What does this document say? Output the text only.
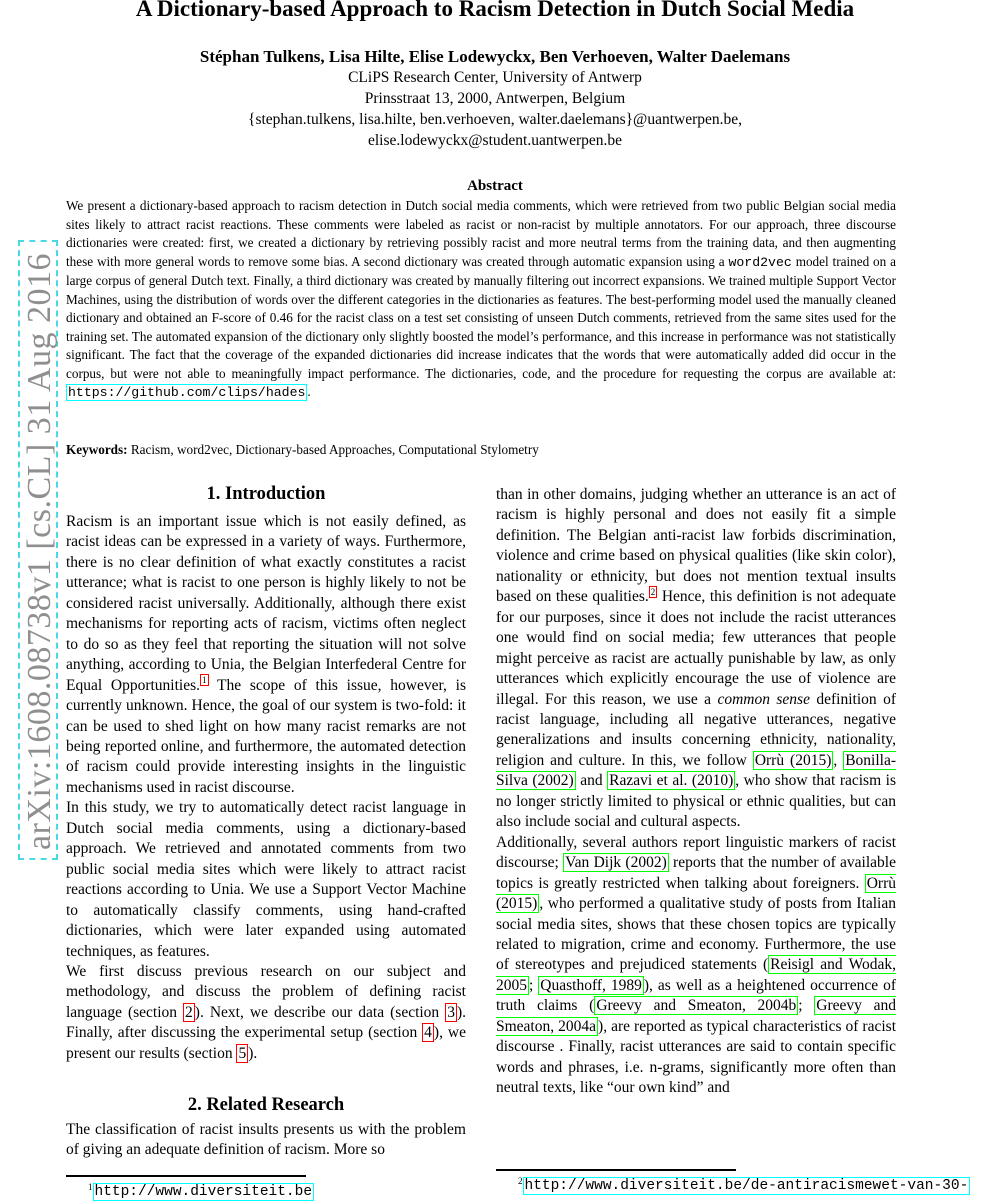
A Dictionary-based Approach to Racism Detection in Dutch Social Media
Stéphan Tulkens, Lisa Hilte, Elise Lodewyckx, Ben Verhoeven, Walter Daelemans
CLiPS Research Center, University of Antwerp
Prinsstraat 13, 2000, Antwerpen, Belgium
{stephan.tulkens, lisa.hilte, ben.verhoeven, walter.daelemans}@uantwerpen.be,
elise.lodewyckx@student.uantwerpen.be
arXiv:1608.08738v1 [cs.CL] 31 Aug 2016
Abstract
We present a dictionary-based approach to racism detection in Dutch social media comments, which were retrieved from two public Belgian social media sites likely to attract racist reactions. These comments were labeled as racist or non-racist by multiple annotators. For our approach, three discourse dictionaries were created: first, we created a dictionary by retrieving possibly racist and more neutral terms from the training data, and then augmenting these with more general words to remove some bias. A second dictionary was created through automatic expansion using a word2vec model trained on a large corpus of general Dutch text. Finally, a third dictionary was created by manually filtering out incorrect expansions. We trained multiple Support Vector Machines, using the distribution of words over the different categories in the dictionaries as features. The best-performing model used the manually cleaned dictionary and obtained an F-score of 0.46 for the racist class on a test set consisting of unseen Dutch comments, retrieved from the same sites used for the training set. The automated expansion of the dictionary only slightly boosted the model’s performance, and this increase in performance was not statistically significant. The fact that the coverage of the expanded dictionaries did increase indicates that the words that were automatically added did occur in the corpus, but were not able to meaningfully impact performance. The dictionaries, code, and the procedure for requesting the corpus are available at: https://github.com/clips/hades .
Keywords: Racism, word2vec, Dictionary-based Approaches, Computational Stylometry
1. Introduction

Racism is an important issue which is not easily defined, as racist ideas can be expressed in a variety of ways. Furthermore, there is no clear definition of what exactly constitutes a racist utterance; what is racist to one person is highly likely to not be considered racist universally. Additionally, although there exist mechanisms for reporting acts of racism, victims often neglect to do so as they feel that reporting the situation will not solve anything, according to Unia, the Belgian Interfederal Centre for Equal Opportunities. $^1$ The scope of this issue, however, is currently unknown. Hence, the goal of our system is two-fold: it can be used to shed light on how many racist remarks are not being reported online, and furthermore, the automated detection of racism could provide interesting insights in the linguistic mechanisms used in racist discourse.

In this study, we try to automatically detect racist language in Dutch social media comments, using a dictionary-based approach. We retrieved and annotated comments from two public social media sites which were likely to attract racist reactions according to Unia. We use a Support Vector Machine to automatically classify comments, using hand-crafted dictionaries, which were later expanded using automated techniques, as features.

We first discuss previous research on our subject and methodology, and discuss the problem of defining racist language (section 2 ). Next, we describe our data (section 3 ). Finally, after discussing the experimental setup (section 4 ), we present our results (section 5 ).

2. Related Research

The classification of racist insults presents us with the problem of giving an adequate definition of racism. More so

than in other domains, judging whether an utterance is an act of racism is highly personal and does not easily fit a simple definition. The Belgian anti-racist law forbids discrimination, violence and crime based on physical qualities (like skin color), nationality or ethnicity, but does not mention textual insults based on these qualities. $^2$ Hence, this definition is not adequate for our purposes, since it does not include the racist utterances one would find on social media; few utterances that people might perceive as racist are actually punishable by law, as only utterances which explicitly encourage the use of violence are illegal. For this reason, we use a common sense definition of racist language, including all negative utterances, negative generalizations and insults concerning ethnicity, nationality, religion and culture. In this, we follow Orrù (2015) , Bonilla-Silva (2002) and Razavi et al. (2010) , who show that racism is no longer strictly limited to physical or ethnic qualities, but can also include social and cultural aspects.

Additionally, several authors report linguistic markers of racist discourse; Van Dijk (2002) reports that the number of available topics is greatly restricted when talking about foreigners. Orrù (2015) , who performed a qualitative study of posts from Italian social media sites, shows that these chosen topics are typically related to migration, crime and economy. Furthermore, the use of stereotypes and prejudiced statements ( Reisigl and Wodak, 2005 ; Quasthoff, 1989 ), as well as a heightened occurrence of truth claims ( Greevy and Smeaton, 2004b ; Greevy and Smeaton, 2004a ), are reported as typical characteristics of racist discourse . Finally, racist utterances are said to contain specific words and phrases, i.e. n-grams, significantly more often than neutral texts, like “our own kind” and

$^1$ http://www.diversiteit.be
$^2$ http://www.diversiteit.be/de-antiracismewet-van-30-
